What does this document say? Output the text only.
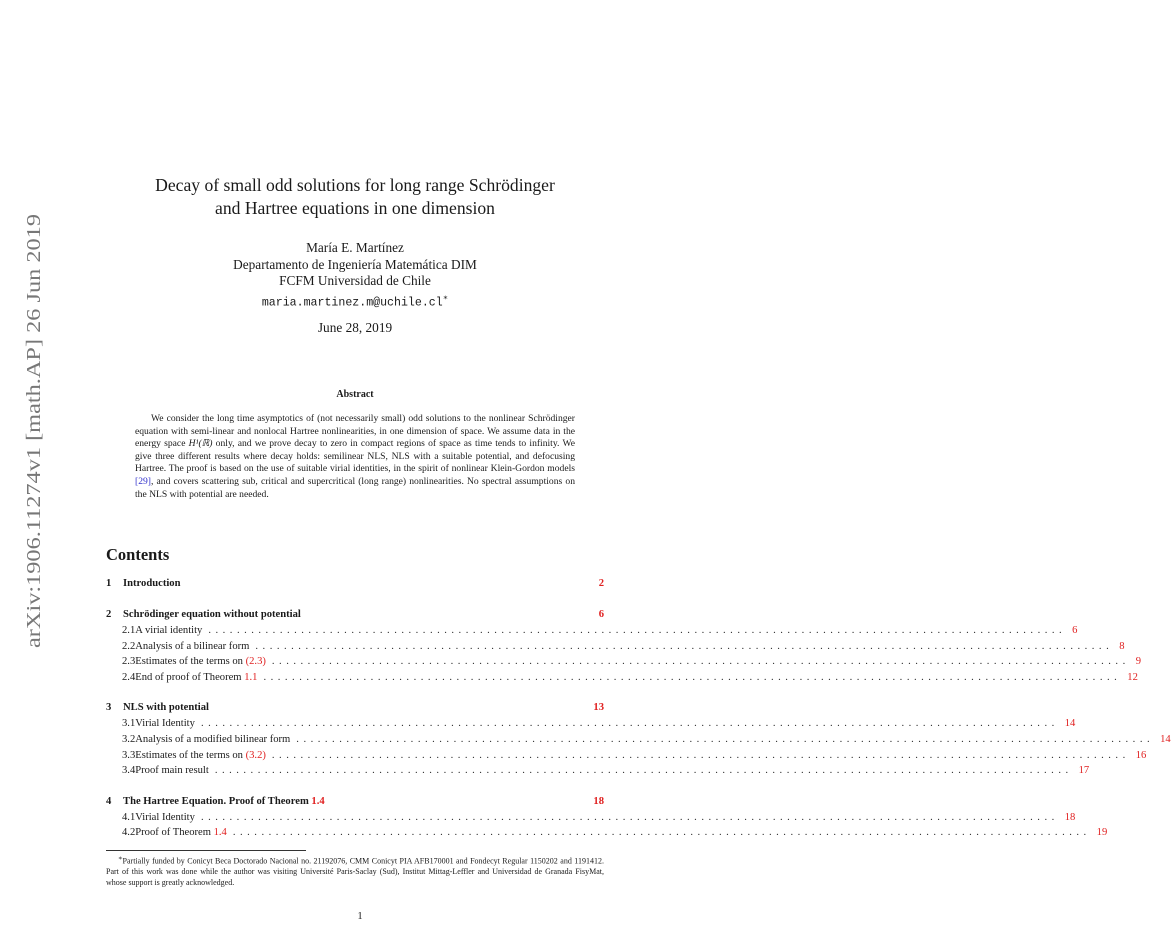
arXiv:1906.11274v1 [math.AP] 26 Jun 2019
Decay of small odd solutions for long range Schrödinger
and Hartree equations in one dimension
María E. Martínez
Departamento de Ingeniería Matemática DIM
FCFM Universidad de Chile
maria.martinez.m@uchile.cl∗
June 28, 2019
Abstract
We consider the long time asymptotics of (not necessarily small) odd solutions to the nonlinear Schrödinger equation with semi-linear and nonlocal Hartree nonlinearities, in one dimension of space. We assume data in the energy space H¹(ℝ) only, and we prove decay to zero in compact regions of space as time tends to infinity. We give three different results where decay holds: semilinear NLS, NLS with a suitable potential, and defocusing Hartree. The proof is based on the use of suitable virial identities, in the spirit of nonlinear Klein-Gordon models [29], and covers scattering sub, critical and supercritical (long range) nonlinearities. No spectral assumptions on the NLS with potential are needed.
Contents
1	Introduction	2
2	Schrödinger equation without potential	6
2.1 A virial identity ........................................................................................................................ 6
2.2 Analysis of a bilinear form ........................................................................................................................ 8
2.3 Estimates of the terms on (2.3) ........................................................................................................................ 9
2.4 End of proof of Theorem 1.1 ........................................................................................................................ 12
3	NLS with potential	13
3.1 Virial Identity ........................................................................................................................ 14
3.2 Analysis of a modified bilinear form ........................................................................................................................ 14
3.3 Estimates of the terms on (3.2) ........................................................................................................................ 16
3.4 Proof main result ........................................................................................................................ 17
4	The Hartree Equation. Proof of Theorem 1.4	18
4.1 Virial Identity ........................................................................................................................ 18
4.2 Proof of Theorem 1.4 ........................................................................................................................ 19
∗Partially funded by Conicyt Beca Doctorado Nacional no. 21192076, CMM Conicyt PIA AFB170001 and Fondecyt Regular 1150202 and 1191412. Part of this work was done while the author was visiting Université Paris-Saclay (Sud), Institut Mittag-Leffler and Universidad de Granada FisyMat, whose support is greatly acknowledged.
1
